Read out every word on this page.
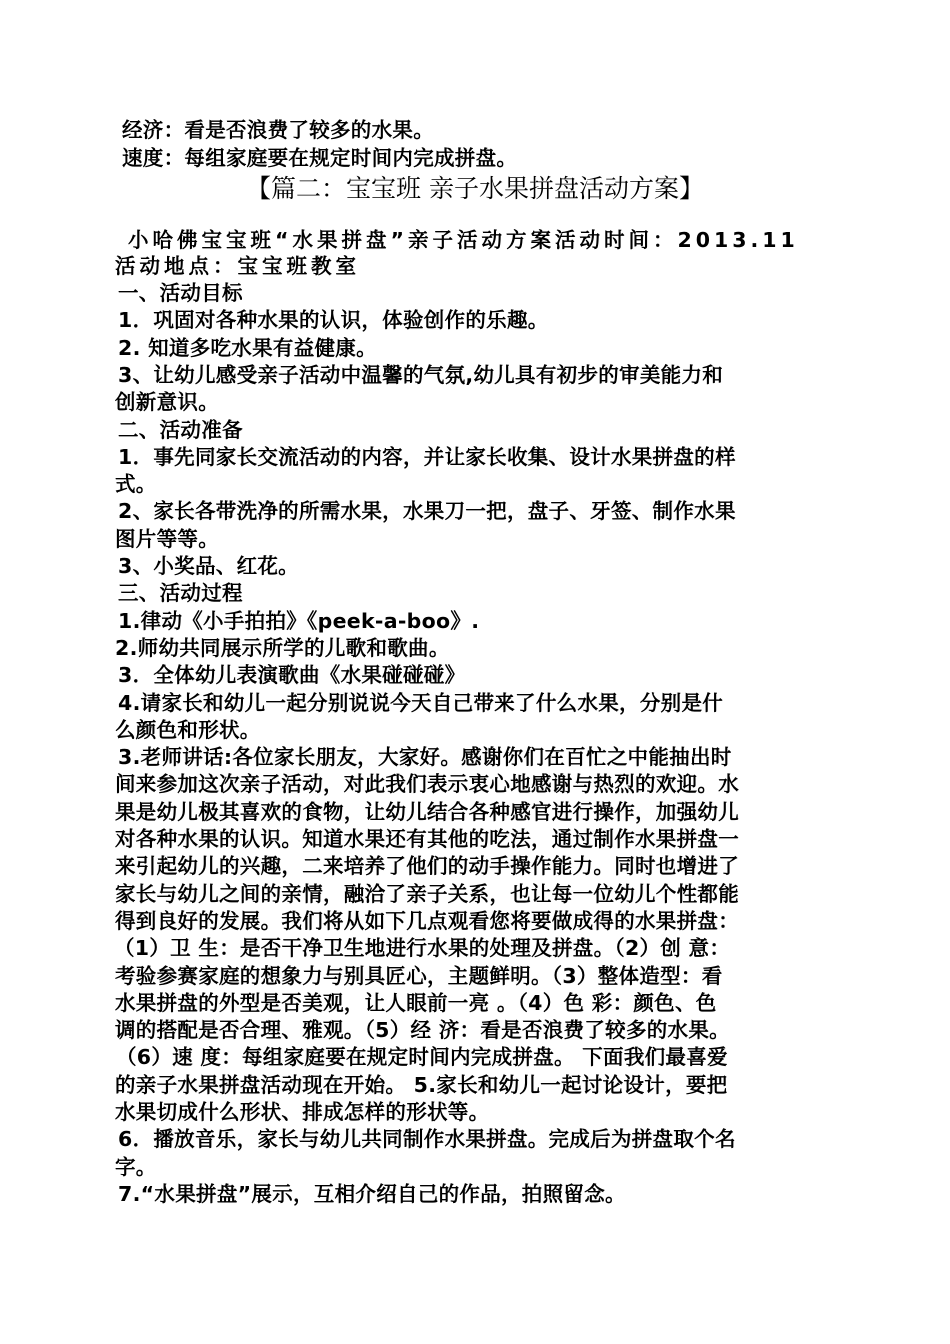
经济：看是否浪费了较多的水果。
速度：每组家庭要在规定时间内完成拼盘。
【篇二：宝宝班 亲子水果拼盘活动方案】
小哈佛宝宝班“水果拼盘”亲子活动方案活动时间：2013.11
活动地点：宝宝班教室
一、活动目标
1．巩固对各种水果的认识，体验创作的乐趣。
2. 知道多吃水果有益健康。
3、让幼儿感受亲子活动中温馨的气氛,幼儿具有初步的审美能力和
创新意识。
二、活动准备
1．事先同家长交流活动的内容，并让家长收集、设计水果拼盘的样
式。
2、家长各带洗净的所需水果，水果刀一把，盘子、牙签、制作水果
图片等等。
3、小奖品、红花。
三、活动过程
1.律动《小手拍拍》《peek-a-boo》.
2.师幼共同展示所学的儿歌和歌曲。
3．全体幼儿表演歌曲《水果碰碰碰》
4.请家长和幼儿一起分别说说今天自己带来了什么水果，分别是什
么颜色和形状。
3.老师讲话:各位家长朋友，大家好。感谢你们在百忙之中能抽出时
间来参加这次亲子活动，对此我们表示衷心地感谢与热烈的欢迎。水
果是幼儿极其喜欢的食物，让幼儿结合各种感官进行操作，加强幼儿
对各种水果的认识。知道水果还有其他的吃法，通过制作水果拼盘一
来引起幼儿的兴趣，二来培养了他们的动手操作能力。同时也增进了
家长与幼儿之间的亲情，融洽了亲子关系，也让每一位幼儿个性都能
得到良好的发展。我们将从如下几点观看您将要做成得的水果拼盘：
（1）卫 生：是否干净卫生地进行水果的处理及拼盘。（2）创 意：
考验参赛家庭的想象力与别具匠心，主题鲜明。（3）整体造型：看
水果拼盘的外型是否美观，让人眼前一亮 。（4）色 彩：颜色、色
调的搭配是否合理、雅观。（5）经 济：看是否浪费了较多的水果。
（6）速 度：每组家庭要在规定时间内完成拼盘。 下面我们最喜爱
的亲子水果拼盘活动现在开始。 5.家长和幼儿一起讨论设计，要把
水果切成什么形状、排成怎样的形状等。
6．播放音乐，家长与幼儿共同制作水果拼盘。完成后为拼盘取个名
字。
7.“水果拼盘”展示，互相介绍自己的作品，拍照留念。
